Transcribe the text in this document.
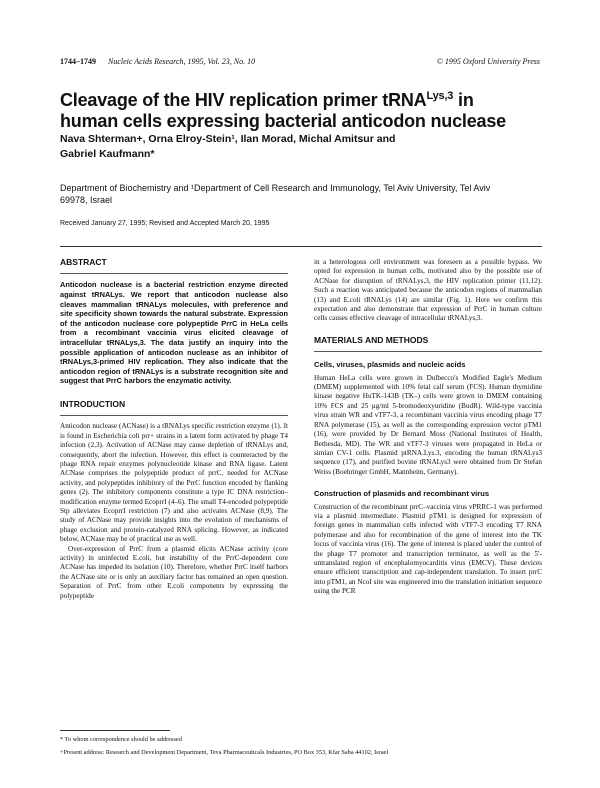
1744–1749 Nucleic Acids Research, 1995, Vol. 23, No. 10	© 1995 Oxford University Press
Cleavage of the HIV replication primer tRNA$^{Lys,3}$ in
human cells expressing bacterial anticodon nuclease
Nava Shterman+, Orna Elroy-Stein¹, Ilan Morad, Michal Amitsur and
Gabriel Kaufmann*
Department of Biochemistry and ¹Department of Cell Research and Immunology, Tel Aviv University, Tel Aviv
69978, Israel
Received January 27, 1995; Revised and Accepted March 20, 1995
ABSTRACT
Anticodon nuclease is a bacterial restriction enzyme directed against tRNALys. We report that anticodon nuclease also cleaves mammalian tRNALys molecules, with preference and site specificity shown towards the natural substrate. Expression of the anticodon nuclease core polypeptide PrrC in HeLa cells from a recombinant vaccinia virus elicited cleavage of intracellular tRNALys,3. The data justify an inquiry into the possible application of anticodon nuclease as an inhibitor of tRNALys,3-primed HIV replication. They also indicate that the anticodon region of tRNALys is a substrate recognition site and suggest that PrrC harbors the enzymatic activity.
INTRODUCTION

Anticodon nuclease (ACNase) is a tRNALys specific restriction enzyme (1). It is found in Escherichia coli prr+ strains in a latent form activated by phage T4 infection (2,3). Activation of ACNase may cause depletion of tRNALys and, consequently, abort the infection. However, this effect is counteracted by the phage RNA repair enzymes polynucleotide kinase and RNA ligase. Latent ACNase comprises the polypeptide product of prrC, needed for ACNase activity, and polypeptides inhibitory of the PrrC function encoded by flanking genes (2). The inhibitory components constitute a type IC DNA restriction–modification enzyme termed EcoprrI (4–6). The small T4-encoded polypeptide Stp alleviates EcoprrI restriction (7) and also activates ACNase (8,9). The study of ACNase may provide insights into the evolution of mechanisms of phage exclusion and protein-catalyzed RNA splicing. However, as indicated below, ACNase may be of practical use as well.

Over-expression of PrrC from a plasmid elicits ACNase activity (core activity) in uninfected E.coli, but instability of the PrrC-dependent core ACNase has impeded its isolation (10). Therefore, whether PrrC itself harbors the ACNase site or is only an auxiliary factor has remained an open question. Separation of PrrC from other E.coli components by expressing the polypeptide

in a heterologous cell environment was foreseen as a possible bypass. We opted for expression in human cells, motivated also by the possible use of ACNase for disruption of tRNALys,3, the HIV replication primer (11,12). Such a reaction was anticipated because the anticodon regions of mammalian (13) and E.coli tRNALys (14) are similar (Fig. 1). Here we confirm this expectation and also demonstrate that expression of PrrC in human culture cells causes effective cleavage of intracellular tRNALys,3.

MATERIALS AND METHODS
Cells, viruses, plasmids and nucleic acids

Human HeLa cells were grown in Dulbecco's Modified Eagle's Medium (DMEM) supplemented with 10% fetal calf serum (FCS). Human thymidine kinase negative HuTK-143B (TK–) cells were grown in DMEM containing 10% FCS and 25 μg/ml 5-bromodeoxyuridine (BudR). Wild-type vaccinia virus strain WR and vTF7-3, a recombinant vaccinia virus encoding phage T7 RNA polymerase (15), as well as the corresponding expression vector pTM1 (16), were provided by Dr Bernard Moss (National Institutes of Health, Bethesda, MD). The WR and vTF7-3 viruses were propagated in HeLa or simian CV-1 cells. Plasmid ptRNA.Lys.3, encoding the human tRNALys3 sequence (17), and purified bovine tRNALys3 were obtained from Dr Stefan Weiss (Boehringer GmbH, Mannheim, Germany).

Construction of plasmids and recombinant virus

Construction of the recombinant prrC–vaccinia virus vPRRC-1 was performed via a plasmid intermediate. Plasmid pTM1 is designed for expression of foreign genes in mammalian cells infected with vTF7-3 encoding T7 RNA polymerase and also for recombination of the gene of interest into the TK locus of vaccinia virus (16). The gene of interest is placed under the control of the phage T7 promoter and transcription terminator, as well as the 5′-untranslated region of encephalomyocarditis virus (EMCV). These devices ensure efficient transcription and cap-independent translation. To insert prrC into pTM1, an NcoI site was engineered into the translation initiation sequence using the PCR

* To whom correspondence should be addressed
+Present address: Research and Development Department, Teva Pharmaceuticals Industries, PO Box 353, Kfar Saba 44102, Israel
